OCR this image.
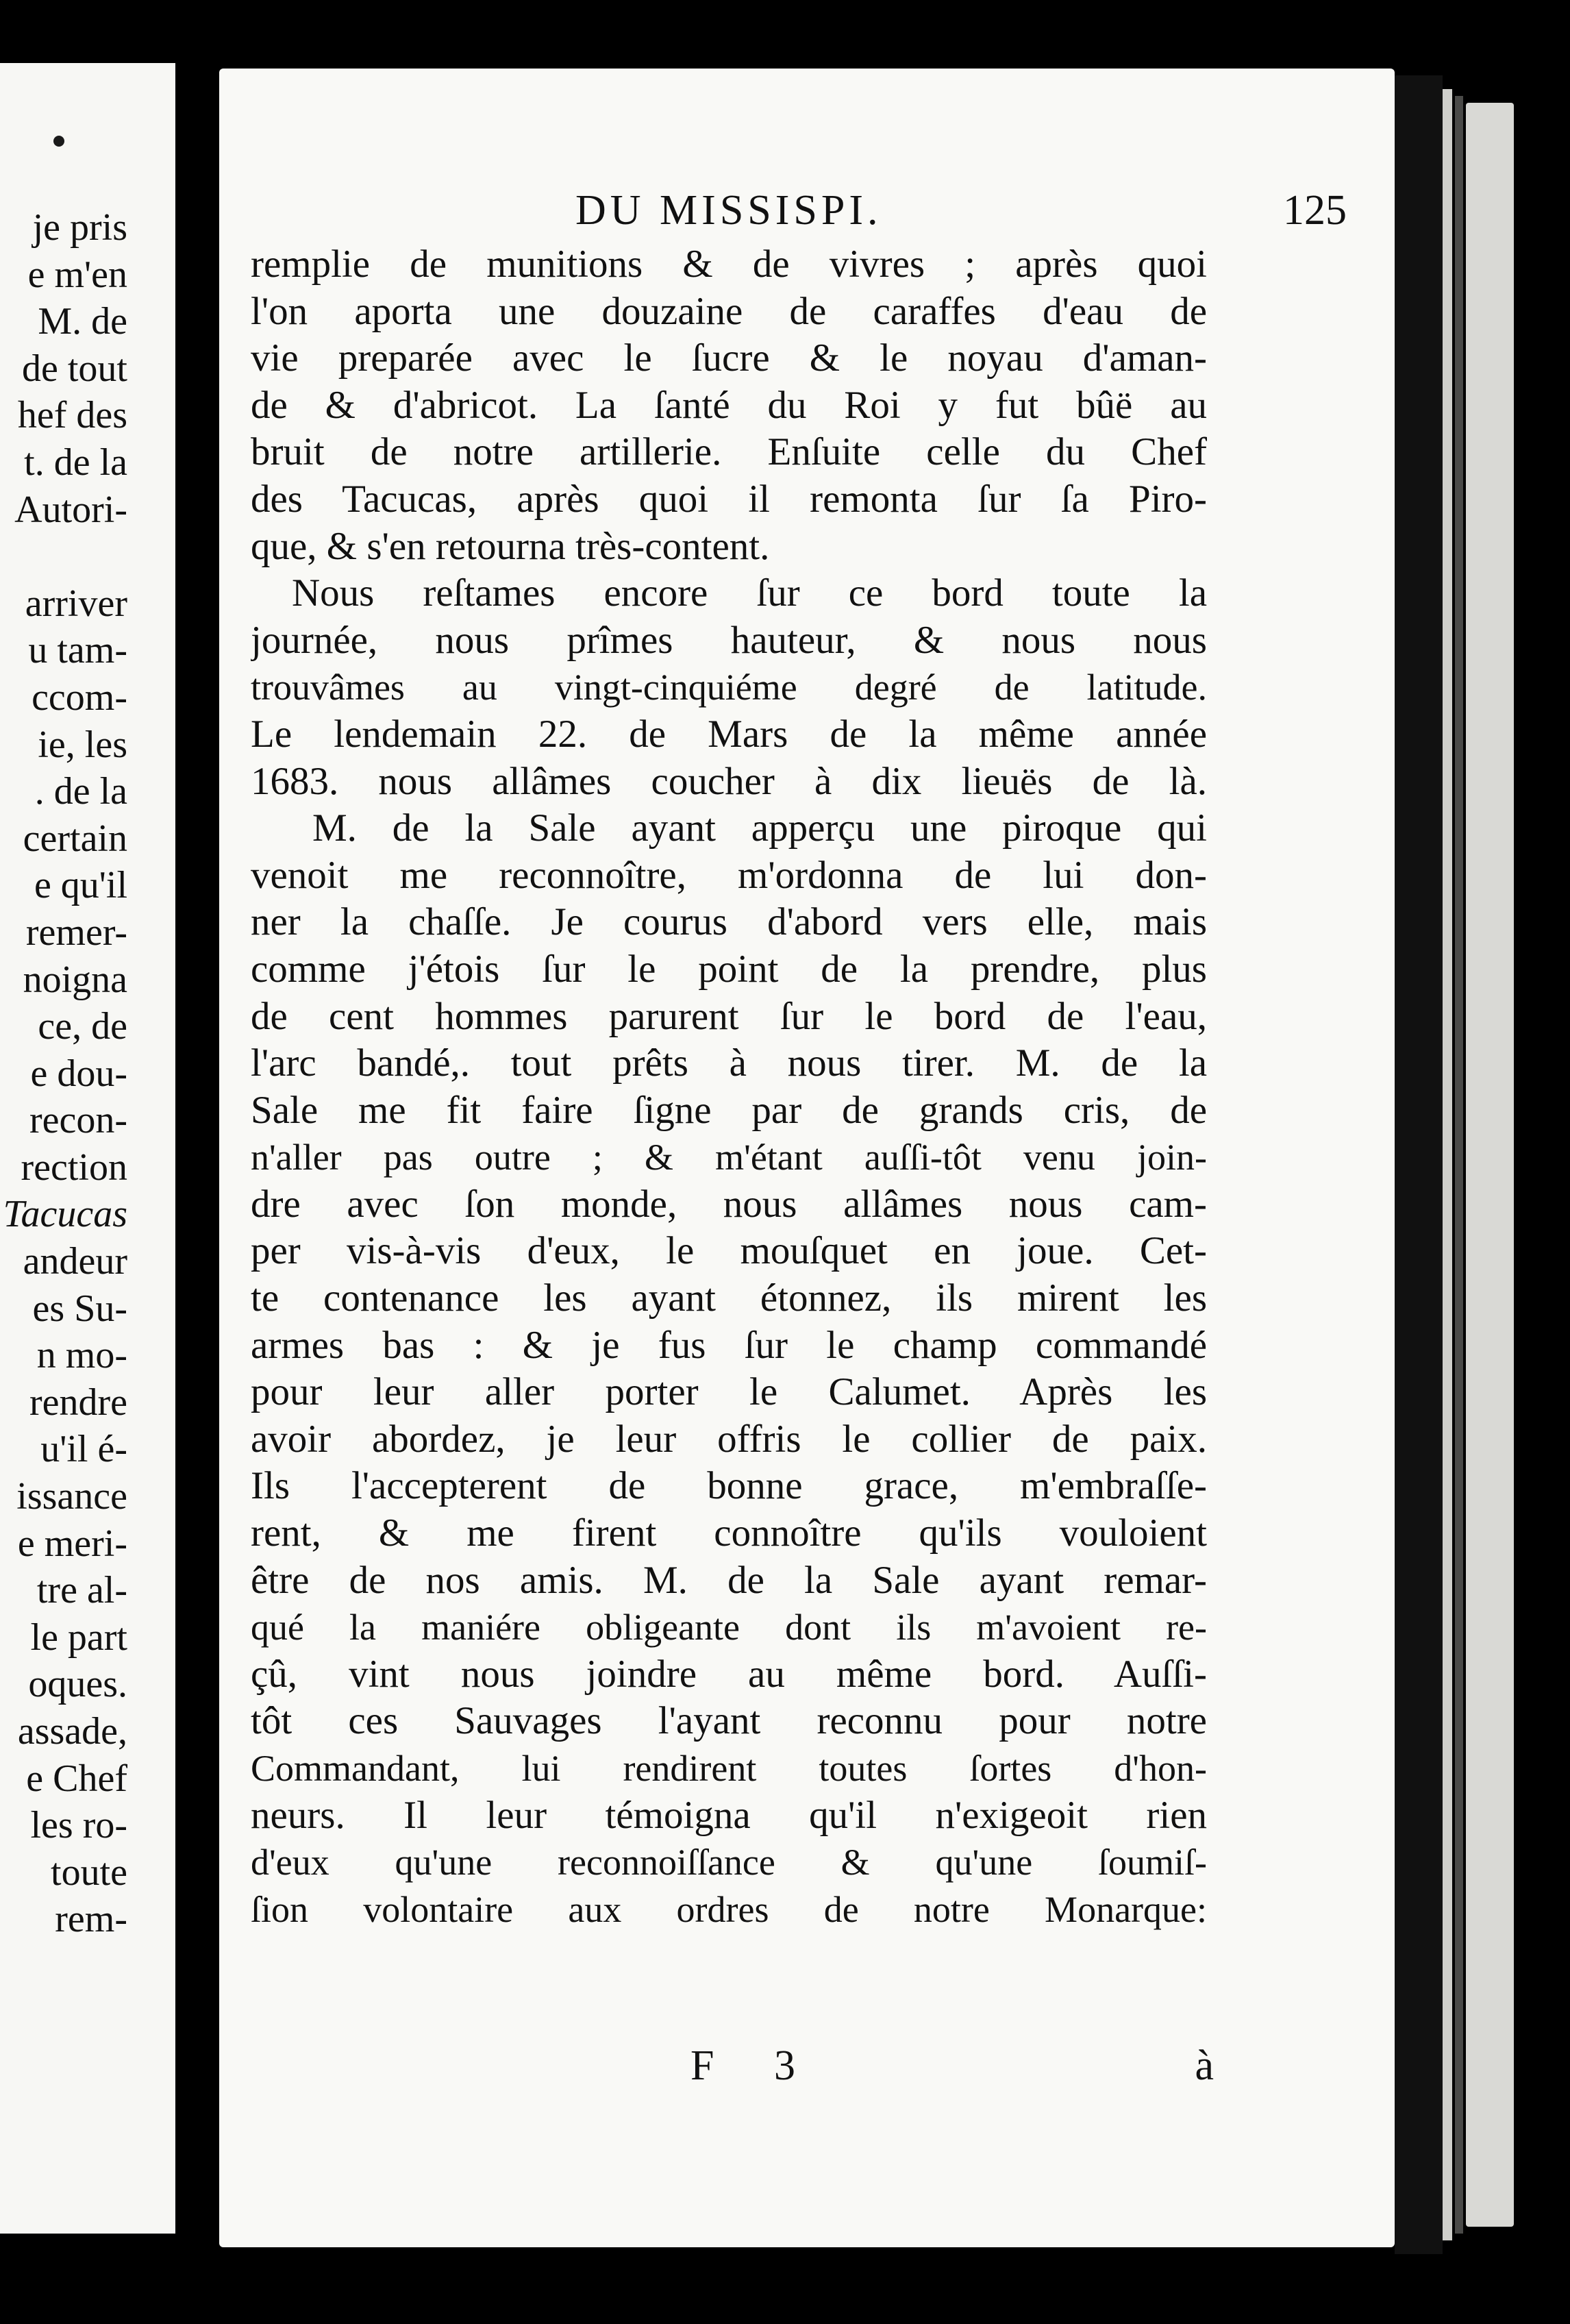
je pris
e m'en
M. de
de tout
hef des
t. de la
Autori-
arriver
u tam-
ccom-
ie, les
. de la
certain
e qu'il
remer-
noigna
ce, de
e dou-
recon-
rection
Tacucas
andeur
es Su-
n mo-
rendre
u'il é-
issance
e meri-
tre al-
le part
oques.
assade,
e Chef
les ro-
toute
rem-
DU MISSISPI.	125
remplie de munitions & de vivres ; après quoi
l'on aporta une douzaine de caraffes d'eau de
vie preparée avec le ſucre & le noyau d'aman-
de & d'abricot. La ſanté du Roi y fut bûë au
bruit de notre artillerie. Enſuite celle du Chef
des Tacucas, après quoi il remonta ſur ſa Piro-
que, & s'en retourna très-content.
Nous reſtames encore ſur ce bord toute la
journée, nous prîmes hauteur, & nous nous
trouvâmes au vingt-cinquiéme degré de latitude.
Le lendemain 22. de Mars de la même année
1683. nous allâmes coucher à dix lieuës de là.
M. de la Sale ayant apperçu une piroque qui
venoit me reconnoître, m'ordonna de lui don-
ner la chaſſe. Je courus d'abord vers elle, mais
comme j'étois ſur le point de la prendre, plus
de cent hommes parurent ſur le bord de l'eau,
l'arc bandé,. tout prêts à nous tirer. M. de la
Sale me fit faire ſigne par de grands cris, de
n'aller pas outre ; & m'étant auſſi-tôt venu join-
dre avec ſon monde, nous allâmes nous cam-
per vis-à-vis d'eux, le mouſquet en joue. Cet-
te contenance les ayant étonnez, ils mirent les
armes bas : & je fus ſur le champ commandé
pour leur aller porter le Calumet. Après les
avoir abordez, je leur offris le collier de paix.
Ils l'accepterent de bonne grace, m'embraſſe-
rent, & me firent connoître qu'ils vouloient
être de nos amis. M. de la Sale ayant remar-
qué la maniére obligeante dont ils m'avoient re-
çû, vint nous joindre au même bord. Auſſi-
tôt ces Sauvages l'ayant reconnu pour notre
Commandant, lui rendirent toutes ſortes d'hon-
neurs. Il leur témoigna qu'il n'exigeoit rien
d'eux qu'une reconnoiſſance & qu'une ſoumiſ-
ſion volontaire aux ordres de notre Monarque:
F 3	à
